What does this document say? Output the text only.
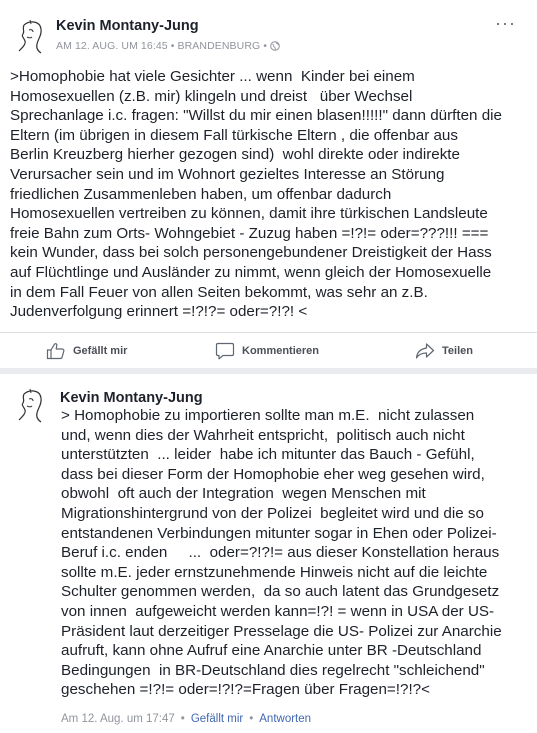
Kevin Montany-Jung
AM 12. AUG. UM 16:45 • BRANDENBURG •
···

>Homophobie hat viele Gesichter ... wenn  Kinder bei einem
Homosexuellen (z.B. mir) klingeln und dreist   über Wechsel
Sprechanlage i.c. fragen: "Willst du mir einen blasen!!!!!" dann dürften die
Eltern (im übrigen in diesem Fall türkische Eltern , die offenbar aus
Berlin Kreuzberg hierher gezogen sind)  wohl direkte oder indirekte
Verursacher sein und im Wohnort gezieltes Interesse an Störung
friedlichen Zusammenleben haben, um offenbar dadurch
Homosexuellen vertreiben zu können, damit ihre türkischen Landsleute
freie Bahn zum Orts- Wohngebiet - Zuzug haben =!?!= oder=???!!! ===
kein Wunder, dass bei solch personengebundener Dreistigkeit der Hass
auf Flüchtlinge und Ausländer zu nimmt, wenn gleich der Homosexuelle
in dem Fall Feuer von allen Seiten bekommt, was sehr an z.B.
Judenverfolgung erinnert =!?!?= oder=?!?! <

Gefällt mir	Kommentieren	Teilen
Kevin Montany-Jung

> Homophobie zu importieren sollte man m.E.  nicht zulassen
und, wenn dies der Wahrheit entspricht,  politisch auch nicht
unterstützten  ... leider  habe ich mitunter das Bauch - Gefühl,
dass bei dieser Form der Homophobie eher weg gesehen wird,
obwohl  oft auch der Integration  wegen Menschen mit
Migrationshintergrund von der Polizei  begleitet wird und die so
entstandenen Verbindungen mitunter sogar in Ehen oder Polizei-
Beruf i.c. enden     ...  oder=?!?!= aus dieser Konstellation heraus
sollte m.E. jeder ernstzunehmende Hinweis nicht auf die leichte
Schulter genommen werden,  da so auch latent das Grundgesetz
von innen  aufgeweicht werden kann=!?! = wenn in USA der US-
Präsident laut derzeitiger Presselage die US- Polizei zur Anarchie
aufruft, kann ohne Aufruf eine Anarchie unter BR -Deutschland
Bedingungen  in BR-Deutschland dies regelrecht "schleichend"
geschehen =!?!= oder=!?!?=Fragen über Fragen=!?!?<

Am 12. Aug. um 17:47 • Gefällt mir • Antworten
